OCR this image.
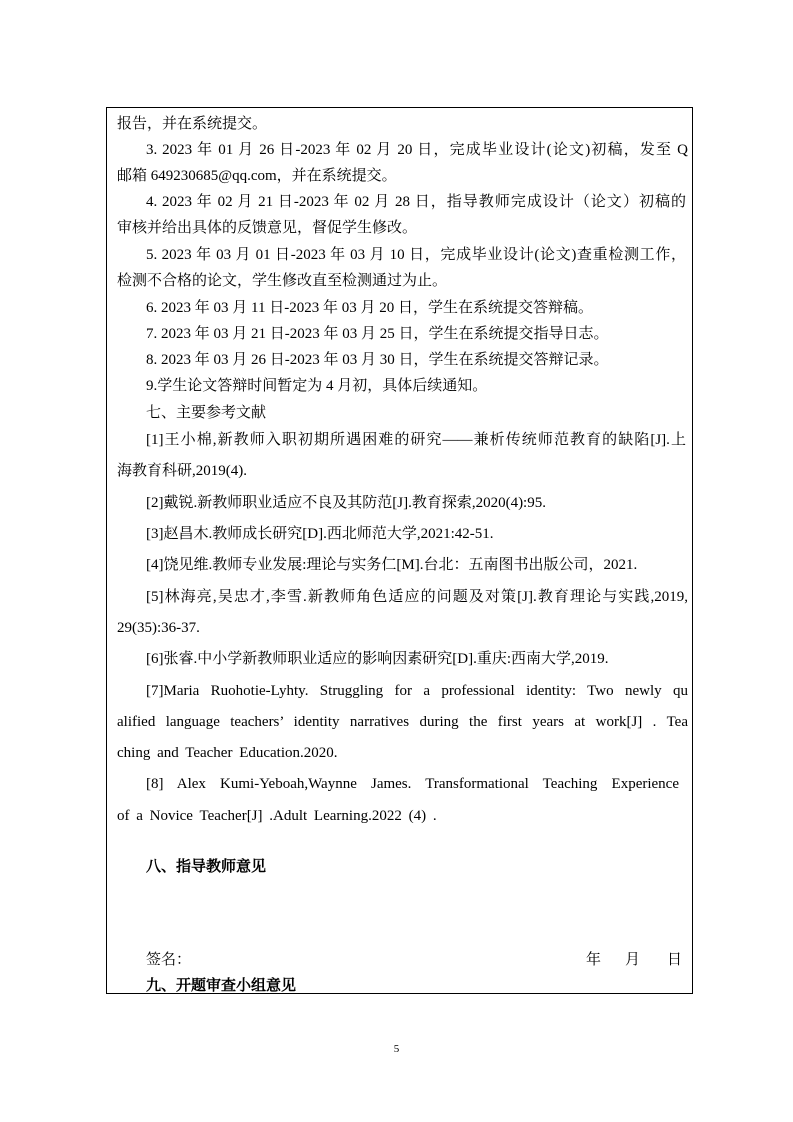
报告，并在系统提交。
3. 2023 年 01 月 26 日-2023 年 02 月 20 日，完成毕业设计(论文)初稿，发至 Q
邮箱 649230685@qq.com，并在系统提交。
4. 2023 年 02 月 21 日-2023 年 02 月 28 日，指导教师完成设计（论文）初稿的
审核并给出具体的反馈意见，督促学生修改。
5. 2023 年 03 月 01 日-2023 年 03 月 10 日，完成毕业设计(论文)查重检测工作，
检测不合格的论文，学生修改直至检测通过为止。
6. 2023 年 03 月 11 日-2023 年 03 月 20 日，学生在系统提交答辩稿。
7. 2023 年 03 月 21 日-2023 年 03 月 25 日，学生在系统提交指导日志。
8. 2023 年 03 月 26 日-2023 年 03 月 30 日，学生在系统提交答辩记录。
9.学生论文答辩时间暂定为 4 月初，具体后续通知。
七、主要参考文献
[1]王小棉,新教师入职初期所遇困难的研究——兼析传统师范教育的缺陷[J].上
海教育科研,2019(4).
[2]戴锐.新教师职业适应不良及其防范[J].教育探索,2020(4):95.
[3]赵昌木.教师成长研究[D].西北师范大学,2021:42-51.
[4]饶见维.教师专业发展:理论与实务仁[M].台北：五南图书出版公司，2021.
[5]林海亮,吴忠才,李雪.新教师角色适应的问题及对策[J].教育理论与实践,2019,
29(35):36-37.
[6]张睿.中小学新教师职业适应的影响因素研究[D].重庆:西南大学,2019.
[7]Maria Ruohotie-Lyhty. Struggling for a professional identity: Two newly qu
alified language teachers’ identity narratives during the first years at work[J] . Tea
ching and Teacher Education.2020.
[8] Alex Kumi-Yeboah,Waynne James. Transformational Teaching Experience
of a Novice Teacher[J] .Adult Learning.2022 (4) .
八、指导教师意见
签名：	年 月 日
九、开题审查小组意见
5
